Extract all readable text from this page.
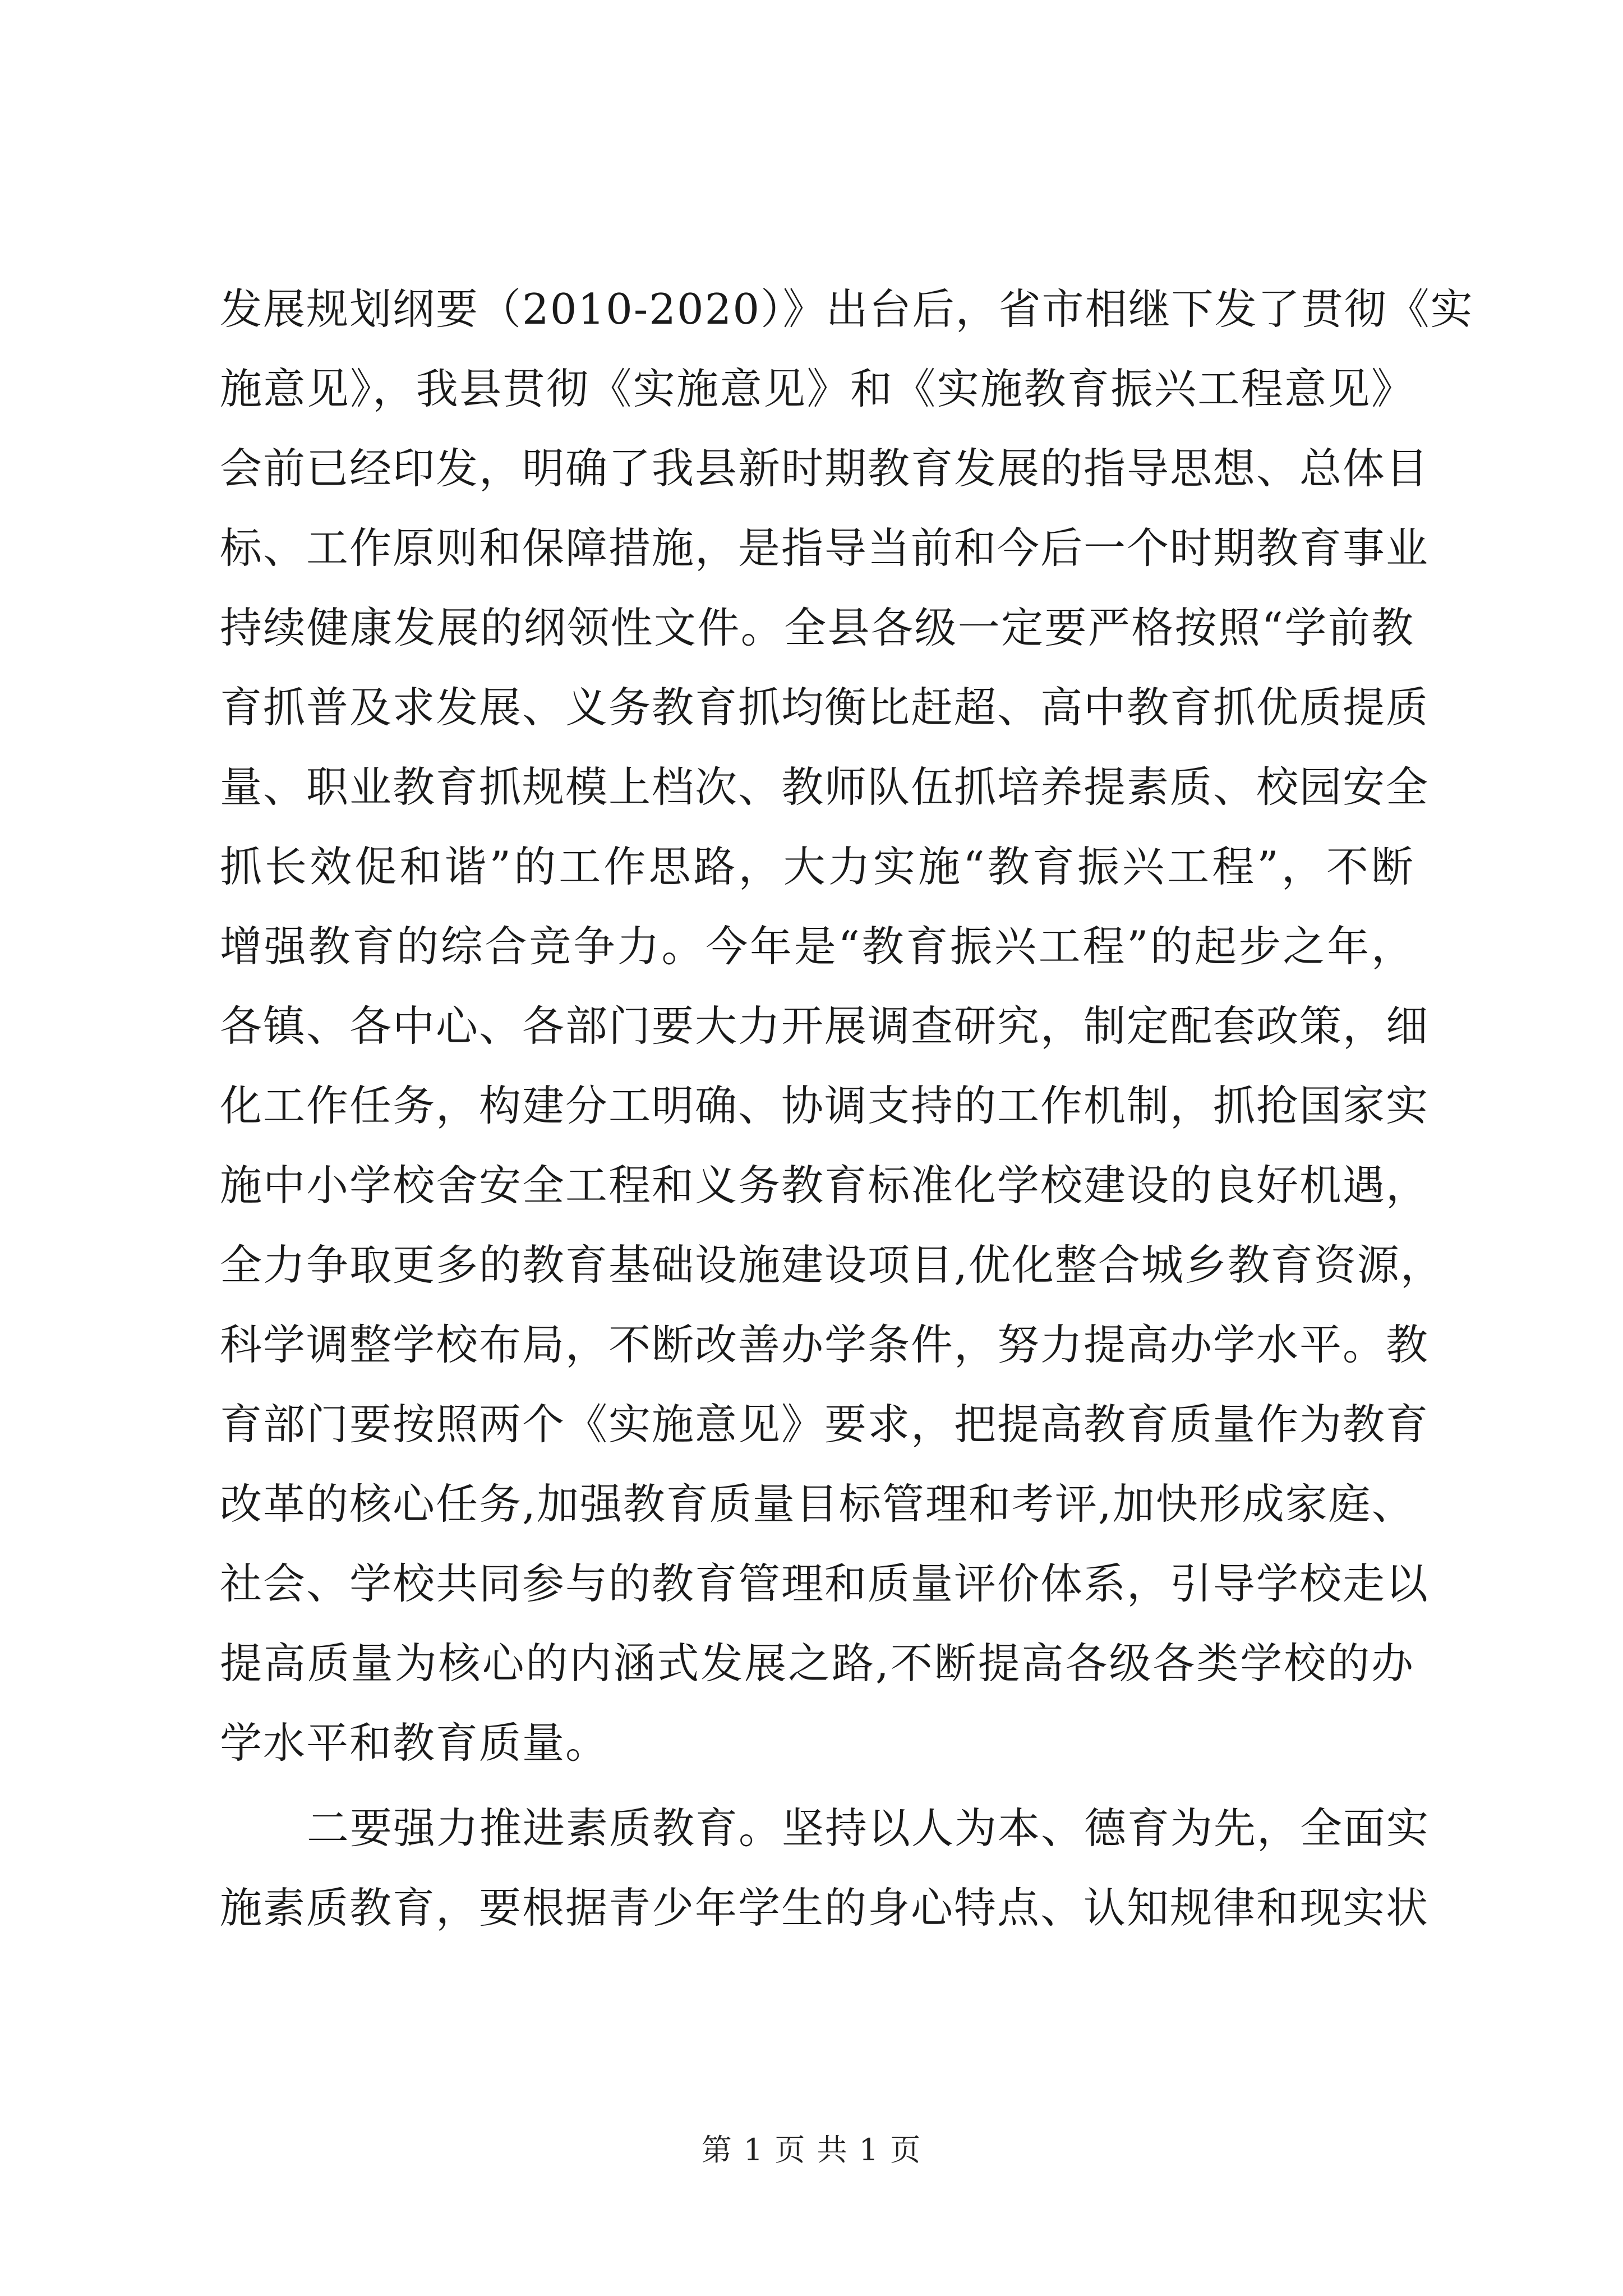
发展规划纲要（2010-2020）》出台后，省市相继下发了贯彻《实
施意见》，我县贯彻《实施意见》和《实施教育振兴工程意见》
会前已经印发，明确了我县新时期教育发展的指导思想、总体目
标、工作原则和保障措施，是指导当前和今后一个时期教育事业
持续健康发展的纲领性文件。全县各级一定要严格按照“学前教
育抓普及求发展、义务教育抓均衡比赶超、高中教育抓优质提质
量、职业教育抓规模上档次、教师队伍抓培养提素质、校园安全
抓长效促和谐”的工作思路，大力实施“教育振兴工程”，不断
增强教育的综合竞争力。今年是“教育振兴工程”的起步之年，
各镇、各中心、各部门要大力开展调查研究，制定配套政策，细
化工作任务，构建分工明确、协调支持的工作机制，抓抢国家实
施中小学校舍安全工程和义务教育标准化学校建设的良好机遇，
全力争取更多的教育基础设施建设项目,优化整合城乡教育资源，
科学调整学校布局，不断改善办学条件，努力提高办学水平。教
育部门要按照两个《实施意见》要求，把提高教育质量作为教育
改革的核心任务,加强教育质量目标管理和考评,加快形成家庭、
社会、学校共同参与的教育管理和质量评价体系，引导学校走以
提高质量为核心的内涵式发展之路,不断提高各级各类学校的办
学水平和教育质量。
二要强力推进素质教育。坚持以人为本、德育为先，全面实
施素质教育，要根据青少年学生的身心特点、认知规律和现实状
第 1 页 共 1 页
